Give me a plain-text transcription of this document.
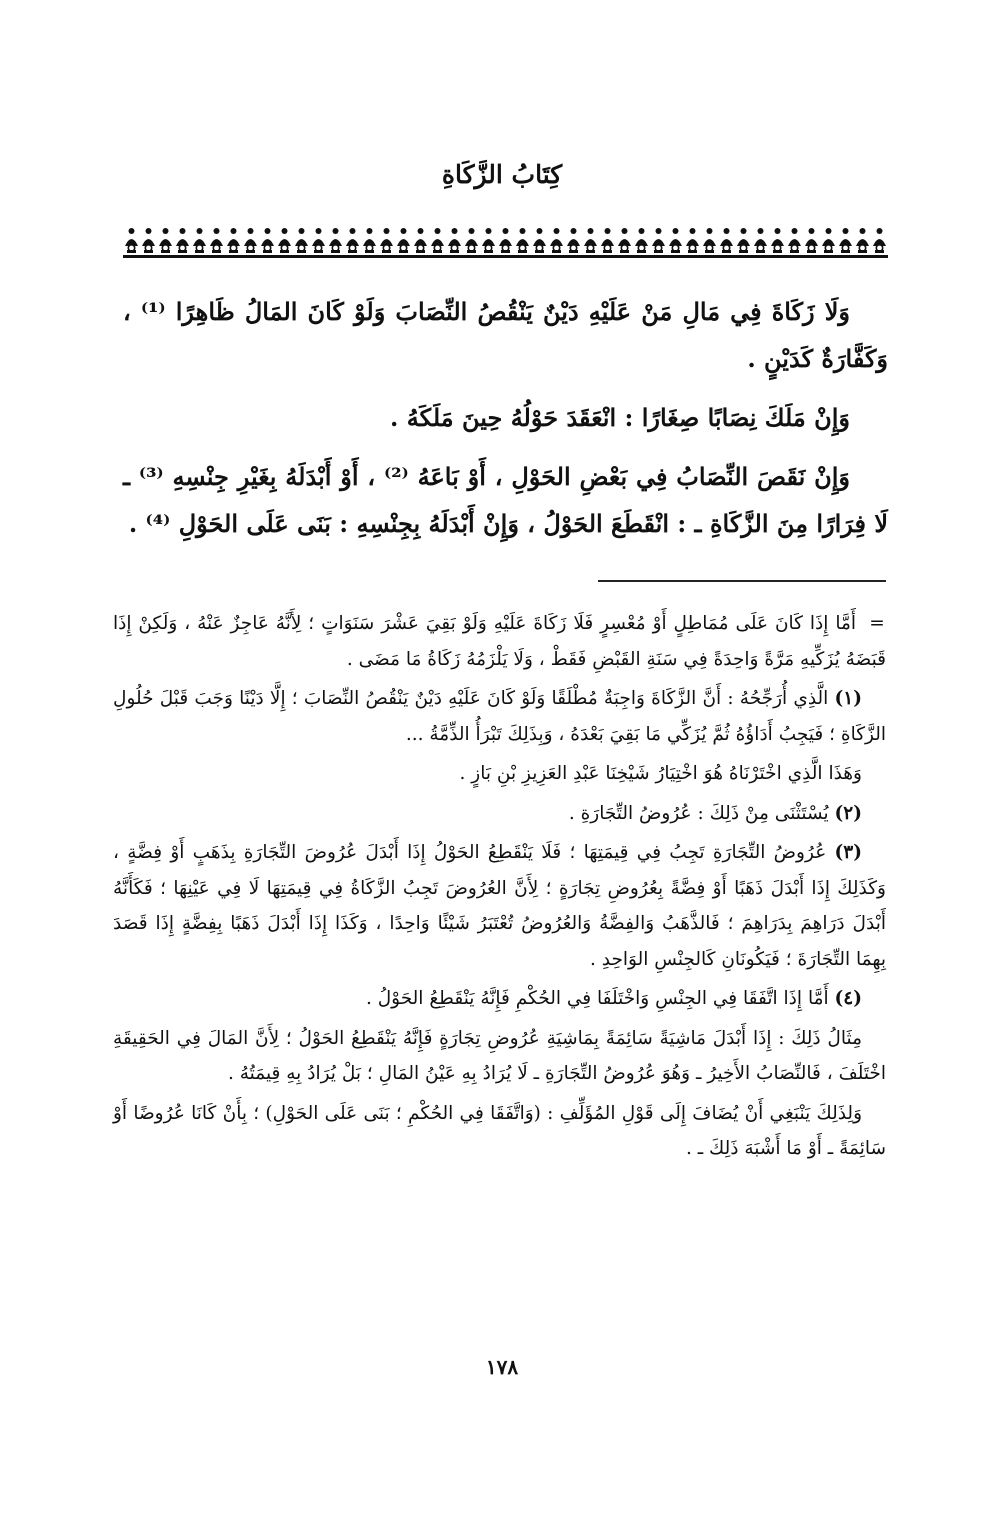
كِتَابُ الزَّكَاةِ

وَلَا زَكَاةَ فِي مَالِ مَنْ عَلَيْهِ دَيْنٌ يَنْقُصُ النِّصَابَ وَلَوْ كَانَ المَالُ ظَاهِرًا ⁽¹⁾ ، وَكَفَّارَةٌ كَدَيْنٍ .

وَإِنْ مَلَكَ نِصَابًا صِغَارًا : انْعَقَدَ حَوْلُهُ حِينَ مَلَكَهُ .

وَإِنْ نَقَصَ النِّصَابُ فِي بَعْضِ الحَوْلِ ، أَوْ بَاعَهُ ⁽²⁾ ، أَوْ أَبْدَلَهُ بِغَيْرِ جِنْسِهِ ⁽³⁾ ـ لَا فِرَارًا مِنَ الزَّكَاةِ ـ : انْقَطَعَ الحَوْلُ ، وَإِنْ أَبْدَلَهُ بِجِنْسِهِ : بَنَى عَلَى الحَوْلِ ⁽⁴⁾ .

=أَمَّا إِذَا كَانَ عَلَى مُمَاطِلٍ أَوْ مُعْسِرٍ فَلَا زَكَاةَ عَلَيْهِ وَلَوْ بَقِيَ عَشْرَ سَنَوَاتٍ ؛ لِأَنَّهُ عَاجِزٌ عَنْهُ ، وَلَكِنْ إِذَا قَبَضَهُ يُزَكِّيهِ مَرَّةً وَاحِدَةً فِي سَنَةِ القَبْضِ فَقَطْ ، وَلَا يَلْزَمُهُ زَكَاةُ مَا مَضَى .

(١) الَّذِي أُرَجِّحُهُ : أَنَّ الزَّكَاةَ وَاجِبَةٌ مُطْلَقًا وَلَوْ كَانَ عَلَيْهِ دَيْنٌ يَنْقُصُ النِّصَابَ ؛ إِلَّا دَيْنًا وَجَبَ قَبْلَ حُلُولِ الزَّكَاةِ ؛ فَيَجِبُ أَدَاؤُهُ ثُمَّ يُزَكِّي مَا بَقِيَ بَعْدَهُ ، وَبِذَلِكَ تَبْرَأُ الذِّمَّةُ ...

وَهَذَا الَّذِي اخْتَرْنَاهُ هُوَ اخْتِيَارُ شَيْخِنَا عَبْدِ العَزِيزِ بْنِ بَازٍ .

(٢) يُسْتَثْنَى مِنْ ذَلِكَ : عُرُوضُ التِّجَارَةِ .

(٣) عُرُوضُ التِّجَارَةِ تَجِبُ فِي قِيمَتِهَا ؛ فَلَا يَنْقَطِعُ الحَوْلُ إِذَا أَبْدَلَ عُرُوضَ التِّجَارَةِ بِذَهَبٍ أَوْ فِضَّةٍ ، وَكَذَلِكَ إِذَا أَبْدَلَ ذَهَبًا أَوْ فِضَّةً بِعُرُوضِ تِجَارَةٍ ؛ لِأَنَّ العُرُوضَ تَجِبُ الزَّكَاةُ فِي قِيمَتِهَا لَا فِي عَيْنِهَا ؛ فَكَأَنَّهُ أَبْدَلَ دَرَاهِمَ بِدَرَاهِمَ ؛ فَالذَّهَبُ وَالفِضَّةُ وَالعُرُوضُ تُعْتَبَرُ شَيْئًا وَاحِدًا ، وَكَذَا إِذَا أَبْدَلَ ذَهَبًا بِفِضَّةٍ إِذَا قَصَدَ بِهِمَا التِّجَارَةَ ؛ فَيَكُونَانِ كَالجِنْسِ الوَاحِدِ .

(٤) أَمَّا إِذَا اتَّفَقَا فِي الجِنْسِ وَاخْتَلَفَا فِي الحُكْمِ فَإِنَّهُ يَنْقَطِعُ الحَوْلُ .

مِثَالُ ذَلِكَ : إِذَا أَبْدَلَ مَاشِيَةً سَائِمَةً بِمَاشِيَةِ عُرُوضِ تِجَارَةٍ فَإِنَّهُ يَنْقَطِعُ الحَوْلُ ؛ لِأَنَّ المَالَ فِي الحَقِيقَةِ اخْتَلَفَ ، فَالنِّصَابُ الأَخِيرُ ـ وَهُوَ عُرُوضُ التِّجَارَةِ ـ لَا يُرَادُ بِهِ عَيْنُ المَالِ ؛ بَلْ يُرَادُ بِهِ قِيمَتُهُ .

وَلِذَلِكَ يَنْبَغِي أَنْ يُضَافَ إِلَى قَوْلِ المُؤَلِّفِ : (وَاتَّفَقَا فِي الحُكْمِ ؛ بَنَى عَلَى الحَوْلِ) ؛ بِأَنْ كَانَا عُرُوضًا أَوْ سَائِمَةً ـ أَوْ مَا أَشْبَهَ ذَلِكَ ـ .

١٧٨
